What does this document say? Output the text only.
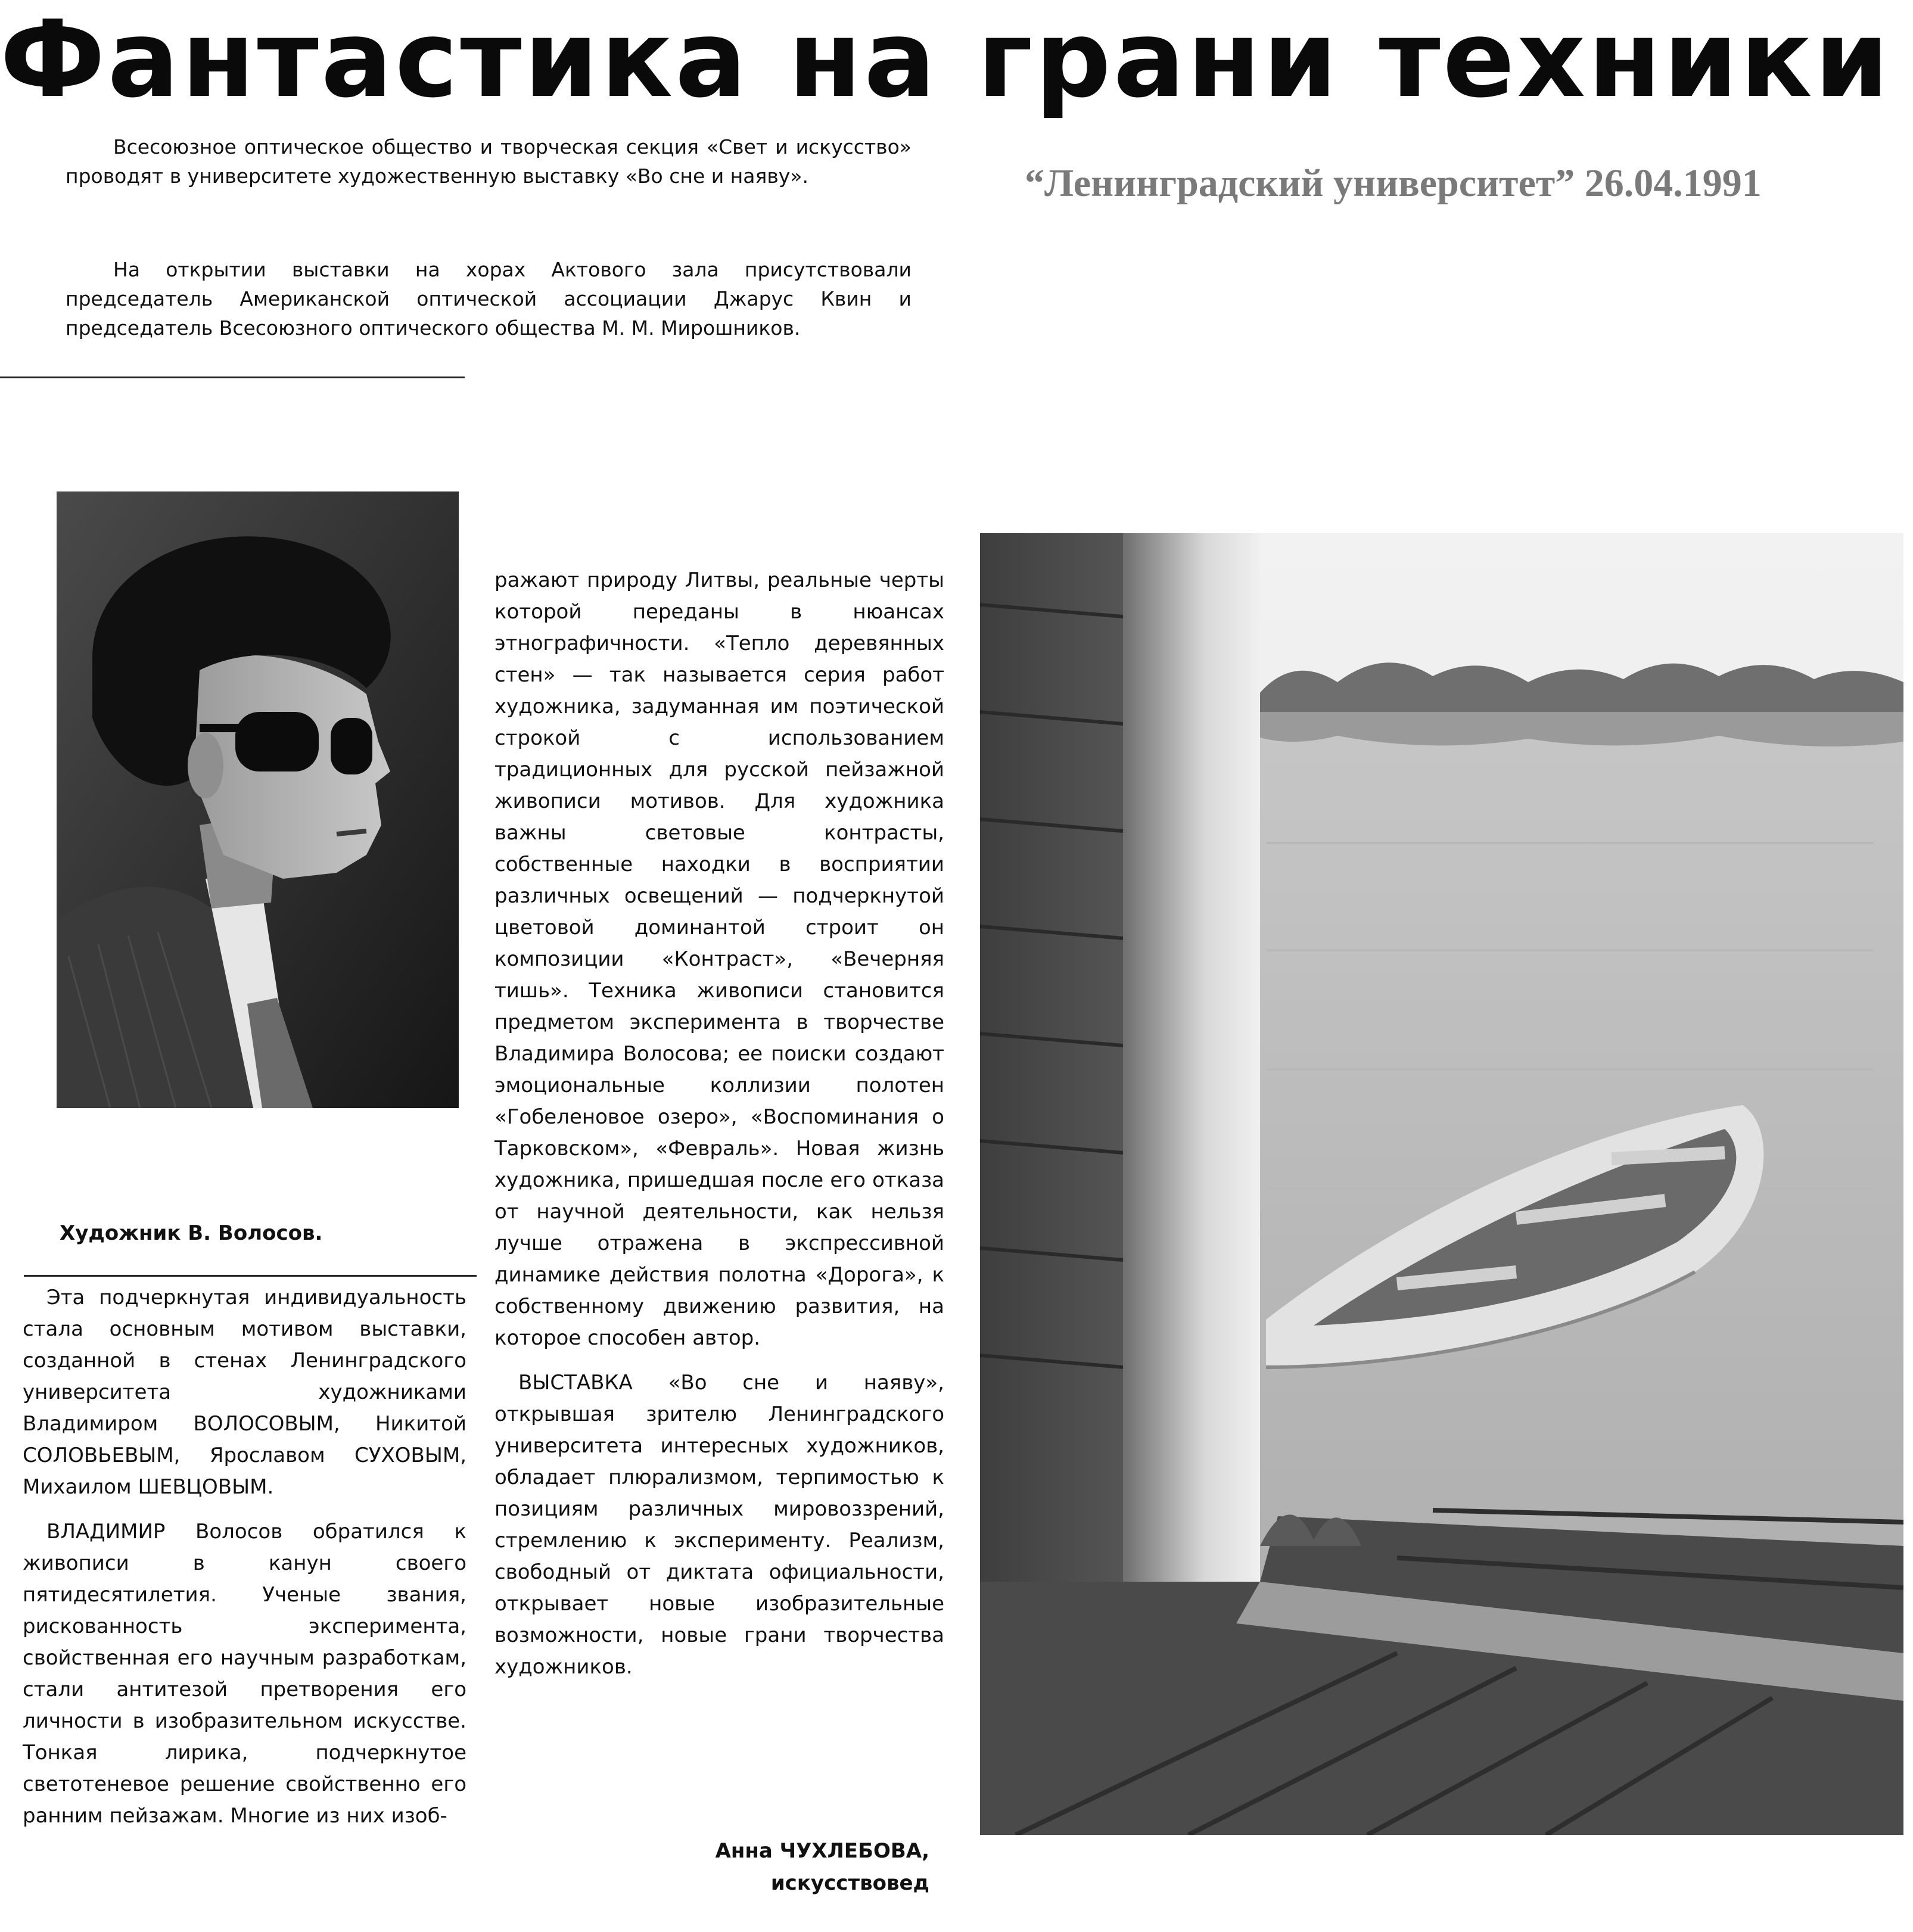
Фантастика на грани техники
“Ленинградский университет” 26.04.1991

Всесоюзное оптическое общество и творческая секция «Свет и искусство» проводят в университете художественную выставку «Во сне и наяву».

На открытии выставки на хорах Актового зала присутствовали председатель Американской оптической ассоциации Джарус Квин и председатель Всесоюзного оптического общества М. М. Мирошников.

Художник В. Волосов.

Эта подчеркнутая индивидуальность стала основным мотивом выставки, созданной в стенах Ленинградского университета художниками Владимиром ВОЛОСОВЫМ, Никитой СОЛОВЬЕВЫМ, Ярославом СУХОВЫМ, Михаилом ШЕВЦОВЫМ.

ВЛАДИМИР Волосов обратился к живописи в канун своего пятидесятилетия. Ученые звания, рискованность эксперимента, свойственная его научным разработкам, стали антитезой претворения его личности в изобразительном искусстве. Тонкая лирика, подчеркнутое светотеневое решение свойственно его ранним пейзажам. Многие из них изоб-

ражают природу Литвы, реальные черты которой переданы в нюансах этнографичности. «Тепло деревянных стен» — так называется серия работ художника, задуманная им поэтической строкой с использованием традиционных для русской пейзажной живописи мотивов. Для художника важны световые контрасты, собственные находки в восприятии различных освещений — подчеркнутой цветовой доминантой строит он композиции «Контраст», «Вечерняя тишь». Техника живописи становится предметом эксперимента в творчестве Владимира Волосова; ее поиски создают эмоциональные коллизии полотен «Гобеленовое озеро», «Воспоминания о Тарковском», «Февраль». Новая жизнь художника, пришедшая после его отказа от научной деятельности, как нельзя лучше отражена в экспрессивной динамике действия полотна «Дорога», к собственному движению развития, на которое способен автор.

ВЫСТАВКА «Во сне и наяву», открывшая зрителю Ленинградского университета интересных художников, обладает плюрализмом, терпимостью к позициям различных мировоззрений, стремлению к эксперименту. Реализм, свободный от диктата официальности, открывает новые изобразительные возможности, новые грани творчества художников.

Анна ЧУХЛЕБОВА,
искусствовед
